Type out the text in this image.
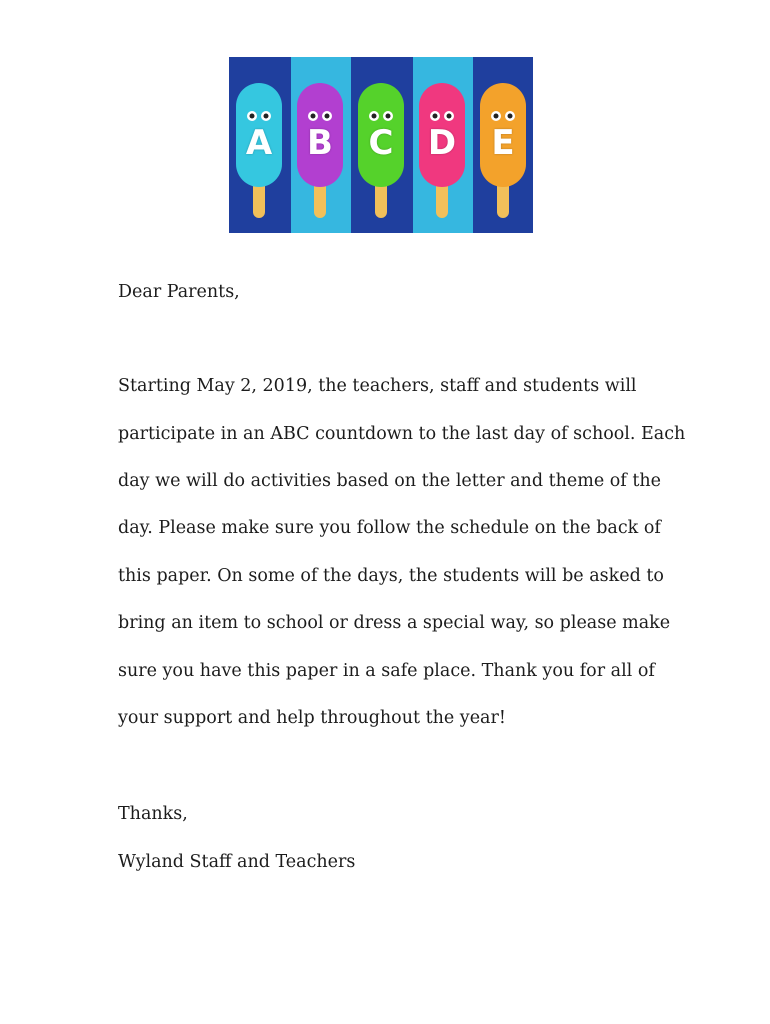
A B	C	D	E
Dear Parents,
Starting May 2, 2019, the teachers, staff and students will
participate in an ABC countdown to the last day of school. Each
day we will do activities based on the letter and theme of the
day. Please make sure you follow the schedule on the back of
this paper. On some of the days, the students will be asked to
bring an item to school or dress a special way, so please make
sure you have this paper in a safe place. Thank you for all of
your support and help throughout the year!
Thanks,
Wyland Staff and Teachers
